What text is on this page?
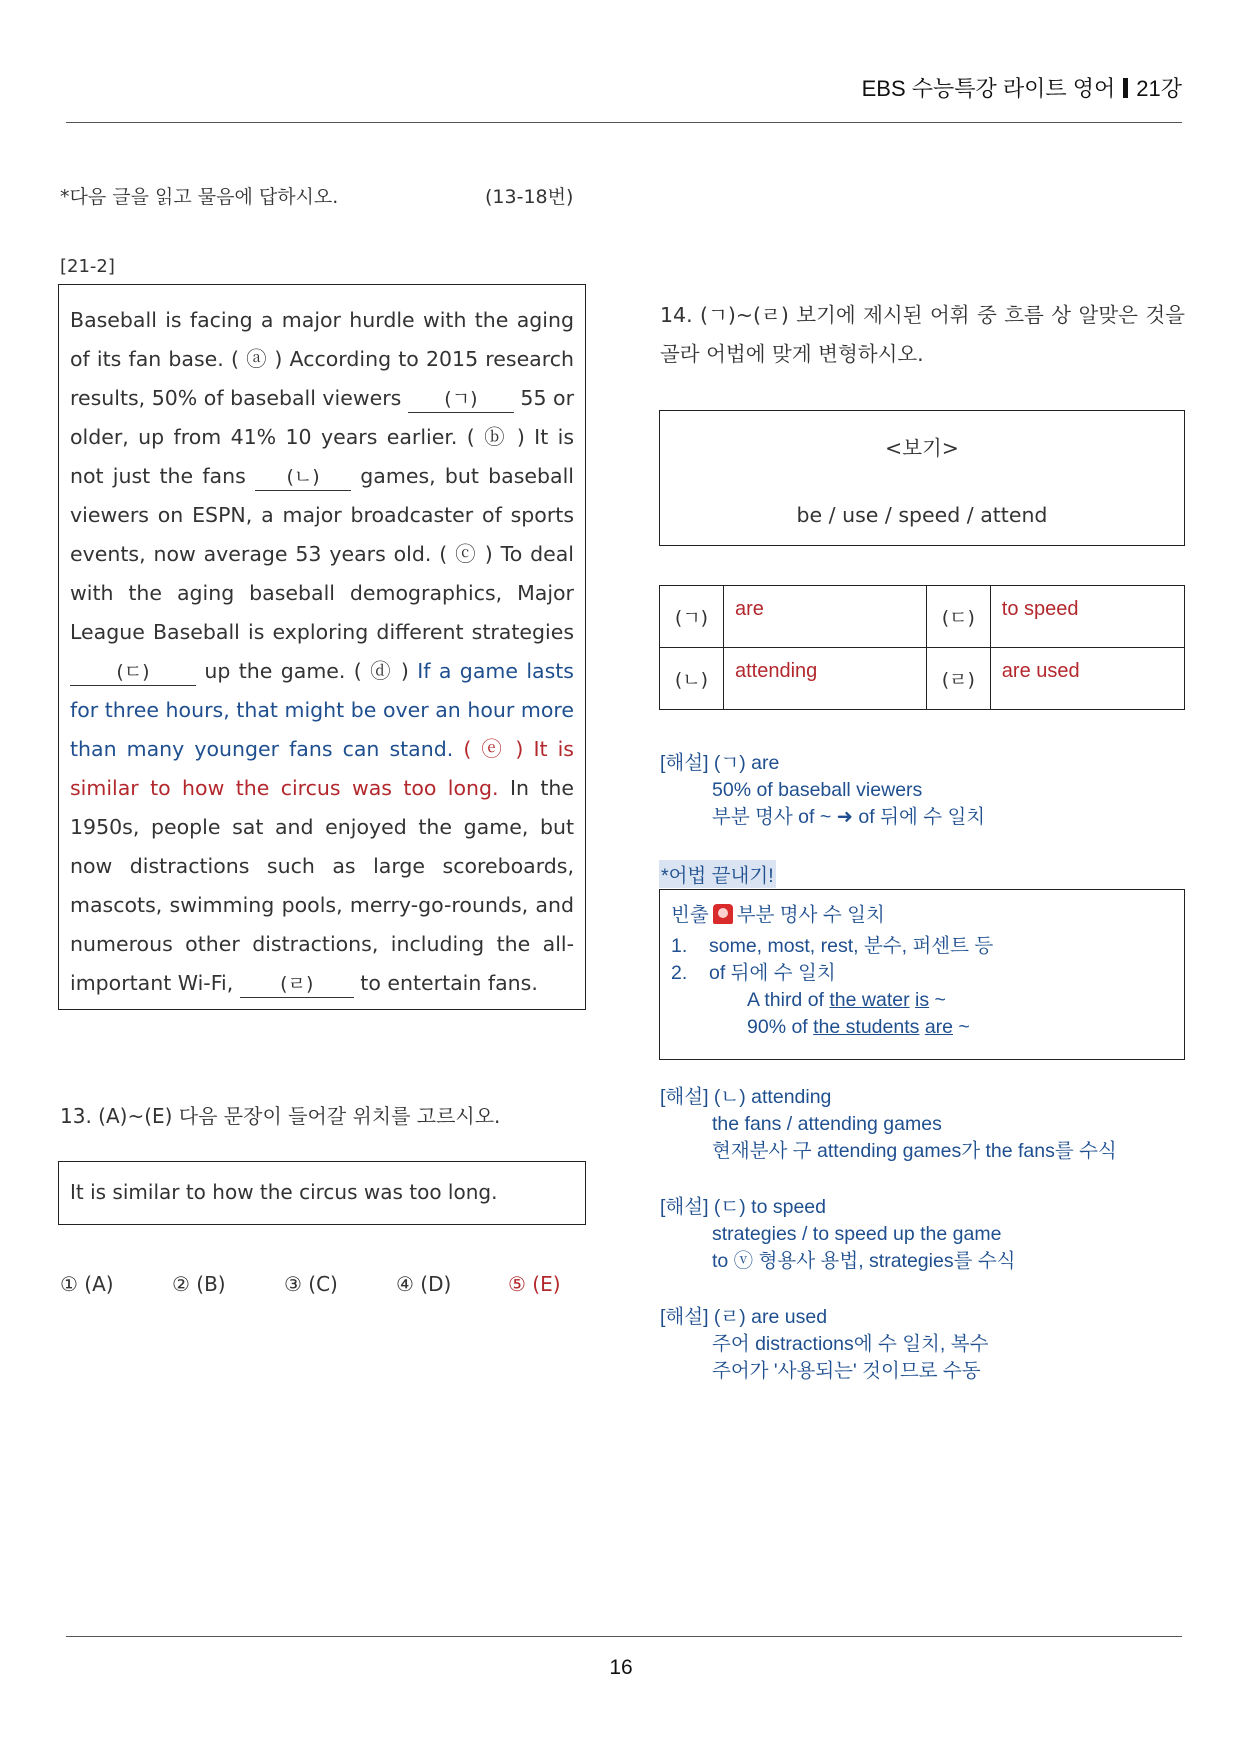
EBS 수능특강 라이트 영어 21강
*다음 글을 읽고 물음에 답하시오.	(13-18번)
[21-2]

Baseball is facing a major hurdle with the aging of its fan base. ( ⓐ ) According to 2015 research results, 50% of baseball viewers (ㄱ) 55 or older, up from 41% 10 years earlier. ( ⓑ ) It is not just the fans (ㄴ) games, but baseball viewers on ESPN, a major broadcaster of sports events, now average 53 years old. ( ⓒ ) To deal with the aging baseball demographics, Major League Baseball is exploring different strategies (ㄷ)	up the game. ( ⓓ ) If a game lasts for three hours, that might be over an hour more than many younger fans can stand. ( ⓔ ) It is similar to how the circus was too long. In the 1950s, people sat and enjoyed the game, but now distractions such as large scoreboards, mascots, swimming pools, merry-go-rounds, and numerous other distractions, including the all-important Wi-Fi, (ㄹ) to entertain fans.

13. (A)~(E) 다음 문장이 들어갈 위치를 고르시오.
It is similar to how the circus was too long.
① (A)	② (B)	③ (C)	④ (D)	⑤ (E)
14. (ㄱ)~(ㄹ) 보기에 제시된 어휘 중 흐름 상 알맞은 것을 골라 어법에 맞게 변형하시오.
<보기>
be / use / speed / attend
(ㄱ)	are	(ㄷ)	to speed
(ㄴ)	attending	(ㄹ)	are used
[해설] (ㄱ) are
50% of baseball viewers
부분 명사 of ~ ➜ of 뒤에 수 일치
*어법 끝내기!
빈출 부분 명사 수 일치
1. some, most, rest, 분수, 퍼센트 등
2. of 뒤에 수 일치
A third of the water is ~
90% of the students are ~
[해설] (ㄴ) attending
the fans / attending games
현재분사 구 attending games가 the fans를 수식
[해설] (ㄷ) to speed
strategies / to speed up the game
to ⓥ 형용사 용법, strategies를 수식
[해설] (ㄹ) are used
주어 distractions에 수 일치, 복수
주어가 '사용되는' 것이므로 수동
16
